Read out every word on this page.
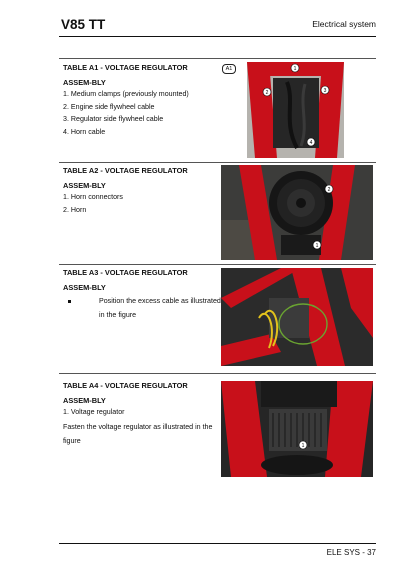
V85 TT	Electrical system
TABLE A1 - VOLTAGE REGULATOR ASSEM-BLY
1. Medium clamps (previously mounted)
2. Engine side flywheel cable
3. Regulator side flywheel cable
4. Horn cable
A1	1
2	3
4
TABLE A2 - VOLTAGE REGULATOR ASSEM-BLY
1. Horn connectors
2. Horn
1
2
TABLE A3 - VOLTAGE REGULATOR ASSEM-BLY
Position the excess cable as illustrated in the figure
TABLE A4 - VOLTAGE REGULATOR ASSEM-BLY
1. Voltage regulator
Fasten the voltage regulator as illustrated in the figure
1
ELE SYS - 37
